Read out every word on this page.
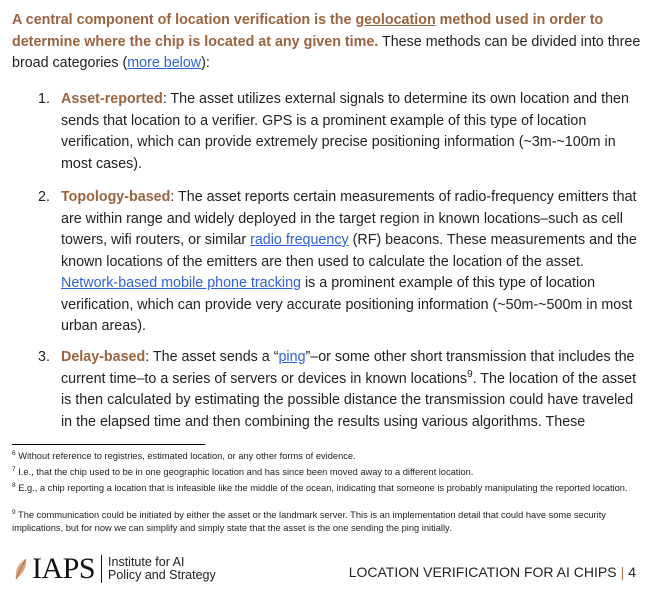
A central component of location verification is the geolocation method used in order to determine where the chip is located at any given time. These methods can be divided into three broad categories (more below):
1. Asset-reported: The asset utilizes external signals to determine its own location and then sends that location to a verifier. GPS is a prominent example of this type of location verification, which can provide extremely precise positioning information (~3m-~100m in most cases).
2. Topology-based: The asset reports certain measurements of radio-frequency emitters that are within range and widely deployed in the target region in known locations–such as cell towers, wifi routers, or similar radio frequency (RF) beacons. These measurements and the known locations of the emitters are then used to calculate the location of the asset. Network-based mobile phone tracking is a prominent example of this type of location verification, which can provide very accurate positioning information (~50m-~500m in most urban areas).
3. Delay-based: The asset sends a “ping”–or some other short transmission that includes the current time–to a series of servers or devices in known locations$^9$. The location of the asset is then calculated by estimating the possible distance the transmission could have traveled in the elapsed time and then combining the results using various algorithms. These
$^6$ Without reference to registries, estimated location, or any other forms of evidence.
$^7$ I.e., that the chip used to be in one geographic location and has since been moved away to a different location.
$^8$ E.g., a chip reporting a location that is infeasible like the middle of the ocean, indicating that someone is probably manipulating the reported location.
$^9$ The communication could be initiated by either the asset or the landmark server. This is an implementation detail that could have some security implications, but for now we can simplify and simply state that the asset is the one sending the ping initially.
IAPS Institute for AI
Policy and Strategy	LOCATION VERIFICATION FOR AI CHIPS | 4
